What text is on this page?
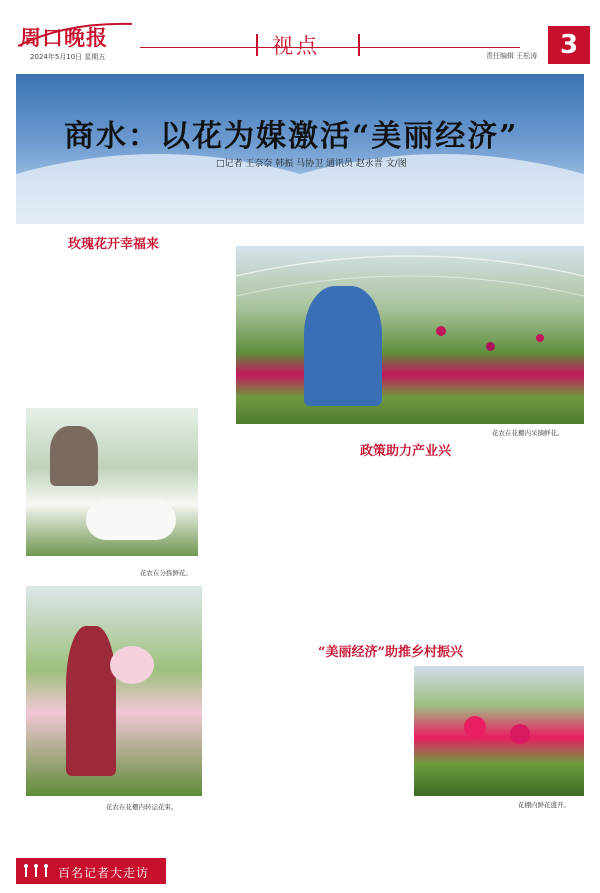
周口晚报
2024年5月10日 星期五	视点	责任编辑 王松涛 3
商水：以花为媒激活“美丽经济”
□记者 王奈奈 韩振 马协卫 通讯员 赵永晋 文/图

玫瑰花开幸福来
花农在花棚内采摘鲜花。
花农在分拣鲜花。
花农在花棚内转运花束。
政策助力产业兴
“美丽经济”助推乡村振兴
花棚内鲜花盛开。
百名记者大走访
